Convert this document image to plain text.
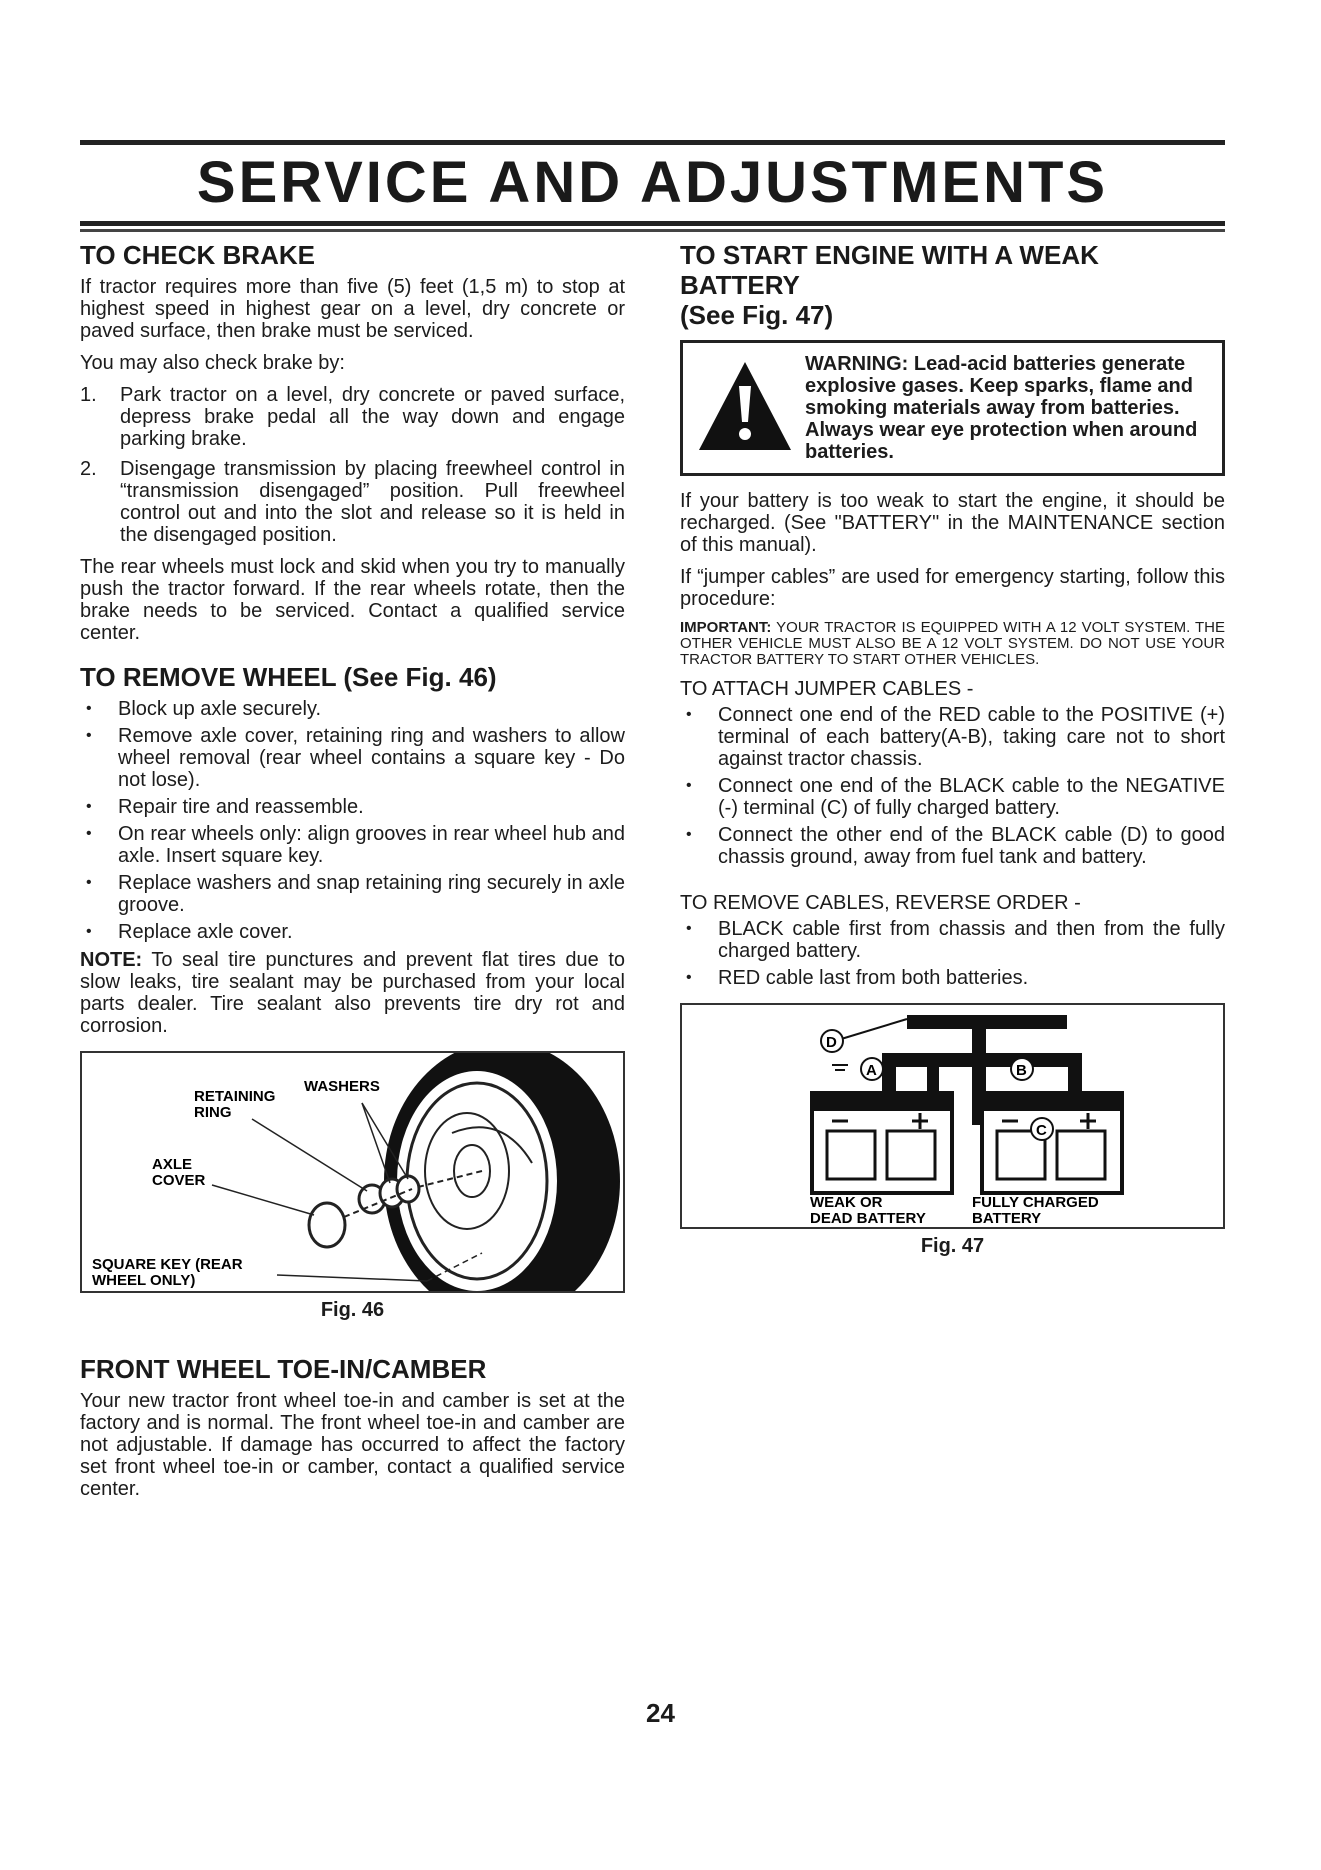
SERVICE AND ADJUSTMENTS
TO CHECK BRAKE

If tractor requires more than five (5) feet (1,5 m) to stop at highest speed in highest gear on a level, dry concrete or paved surface, then brake must be serviced.

You may also check brake by:

1. Park tractor on a level, dry concrete or paved surface, depress brake pedal all the way down and engage parking brake.
2. Disengage transmission by placing freewheel control in “transmission disengaged” position. Pull freewheel control out and into the slot and release so it is held in the disengaged position.

The rear wheels must lock and skid when you try to manually push the tractor forward. If the rear wheels rotate, then the brake needs to be serviced. Contact a qualified service center.

TO REMOVE WHEEL (See Fig. 46)
• Block up axle securely.
• Remove axle cover, retaining ring and washers to allow wheel removal (rear wheel contains a square key - Do not lose).
• Repair tire and reassemble.
• On rear wheels only: align grooves in rear wheel hub and axle. Insert square key.
• Replace washers and snap retaining ring securely in axle groove.
• Replace axle cover.

NOTE: To seal tire punctures and prevent flat tires due to slow leaks, tire sealant may be purchased from your local parts dealer. Tire sealant also prevents tire dry rot and corrosion.

RETAINING
RING
WASHERS
AXLE
COVER
SQUARE KEY (REAR
WHEEL ONLY)
Fig. 46
FRONT WHEEL TOE-IN/CAMBER

Your new tractor front wheel toe-in and camber is set at the factory and is normal. The front wheel toe-in and camber are not adjustable. If damage has occurred to affect the factory set front wheel toe-in or camber, contact a qualified service center.

TO START ENGINE WITH A WEAK BATTERY
(See Fig. 47)
WARNING: Lead-acid batteries generate explosive gases. Keep sparks, flame and smoking materials away from batteries. Always wear eye protection when around batteries.

If your battery is too weak to start the engine, it should be recharged. (See "BATTERY" in the MAINTENANCE section of this manual).

If “jumper cables” are used for emergency starting, follow this procedure:

IMPORTANT: YOUR TRACTOR IS EQUIPPED WITH A 12 VOLT SYSTEM. THE OTHER VEHICLE MUST ALSO BE A 12 VOLT SYSTEM. DO NOT USE YOUR TRACTOR BATTERY TO START OTHER VEHICLES.

TO ATTACH JUMPER CABLES -

• Connect one end of the RED cable to the POSITIVE (+) terminal of each battery(A-B), taking care not to short against tractor chassis.
• Connect one end of the BLACK cable to the NEGATIVE (-) terminal (C) of fully charged battery.
• Connect the other end of the BLACK cable (D) to good chassis ground, away from fuel tank and battery.

TO REMOVE CABLES, REVERSE ORDER -

• BLACK cable first from chassis and then from the fully charged battery.
• RED cable last from both batteries.
D
A	B
C
WEAK OR
DEAD BATTERY
FULLY CHARGED
BATTERY
Fig. 47
24
